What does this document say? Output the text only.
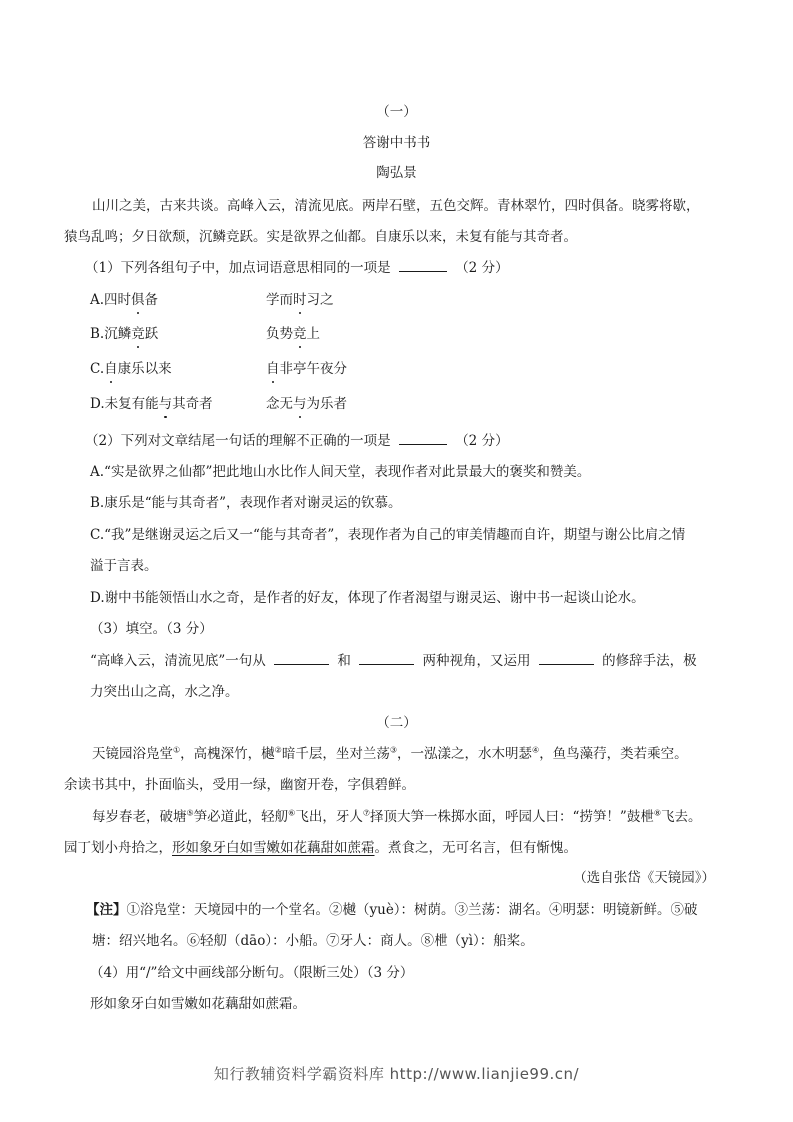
（一）
答谢中书书
陶弘景
山川之美，古来共谈。高峰入云，清流见底。两岸石壁，五色交辉。青林翠竹，四时俱备。晓雾将歇，
猿鸟乱鸣；夕日欲颓，沉鳞竞跃。实是欲界之仙都。自康乐以来，未复有能与其奇者。
（1）下列各组句子中，加点词语意思相同的一项是	（2 分）
A.四时俱备	学而时习之
B.沉鳞竞跃	负势竞上
C.自康乐以来	自非亭午夜分
D.未复有能与其奇者	念无与为乐者
（2）下列对文章结尾一句话的理解不正确的一项是	（2 分）
A.“实是欲界之仙都”把此地山水比作人间天堂，表现作者对此景最大的褒奖和赞美。
B.康乐是“能与其奇者”，表现作者对谢灵运的钦慕。
C.“我”是继谢灵运之后又一“能与其奇者”，表现作者为自己的审美情趣而自许，期望与谢公比肩之情
溢于言表。
D.谢中书能领悟山水之奇，是作者的好友，体现了作者渴望与谢灵运、谢中书一起谈山论水。
（3）填空。（3 分）
“高峰入云，清流见底”一句从	和	两种视角，又运用	的修辞手法，极
力突出山之高，水之净。
（二）
天镜园浴凫堂①，高槐深竹，樾②暗千层，坐对兰荡③，一泓漾之，水木明瑟④，鱼鸟藻荇，类若乘空。
余读书其中，扑面临头，受用一绿，幽窗开卷，字俱碧鲜。
每岁春老，破塘⑤笋必道此，轻舠⑥飞出，牙人⑦择顶大笋一株掷水面，呼园人曰：“捞笋！”鼓枻⑧飞去。
园丁划小舟拾之，形如象牙白如雪嫩如花藕甜如蔗霜。煮食之，无可名言，但有惭愧。
（选自张岱《天镜园》）
【注】①浴凫堂：天境园中的一个堂名。②樾（yuè）：树荫。③兰荡：湖名。④明瑟：明镜新鲜。⑤破
塘：绍兴地名。⑥轻舠（dāo）：小船。⑦牙人：商人。⑧枻（yì）：船桨。
（4）用“/”给文中画线部分断句。（限断三处）（3 分）
形如象牙白如雪嫩如花藕甜如蔗霜。
知行教辅资料学霸资料库 http://www.lianjie99.cn/
